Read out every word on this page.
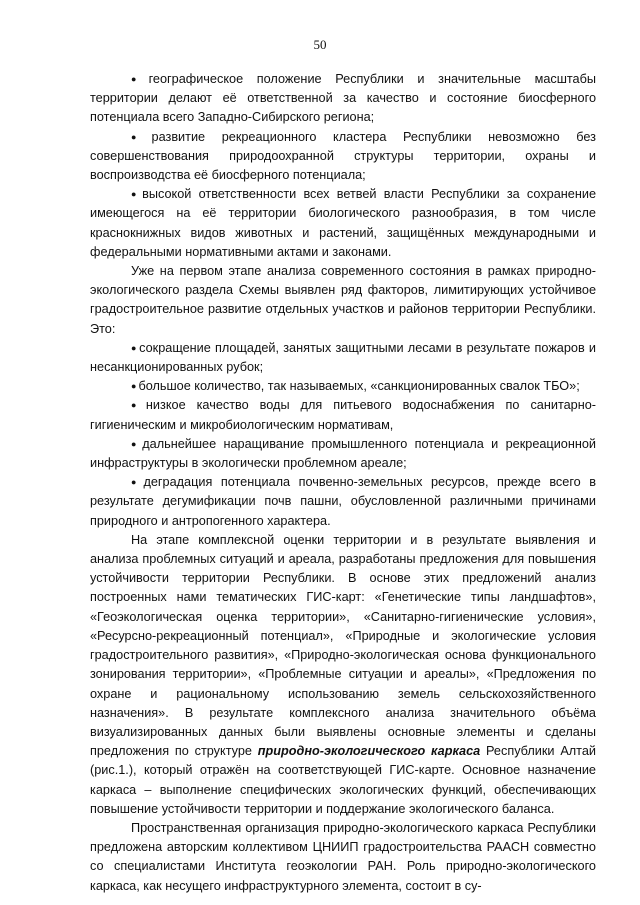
50

● географическое положение Республики и значительные масштабы территории делают её ответственной за качество и состояние биосферного потенциала всего Западно-Сибирского региона;

● развитие рекреационного кластера Республики невозможно без совершенствования природоохранной структуры территории, охраны и воспроизводства её биосферного потенциала;

● высокой ответственности всех ветвей власти Республики за сохранение имеющегося на её территории биологического разнообразия, в том числе краснокнижных видов животных и растений, защищённых международными и федеральными нормативными актами и законами.

Уже на первом этапе анализа современного состояния в рамках природно-экологического раздела Схемы выявлен ряд факторов, лимитирующих устойчивое градостроительное развитие отдельных участков и районов территории Республики. Это:

● сокращение площадей, занятых защитными лесами в результате пожаров и несанкционированных рубок;

● большое количество, так называемых, «санкционированных свалок ТБО»;

● низкое качество воды для питьевого водоснабжения по санитарно-гигиеническим и микробиологическим нормативам,

● дальнейшее наращивание промышленного потенциала и рекреационной инфраструктуры в экологически проблемном ареале;

● деградация потенциала почвенно-земельных ресурсов, прежде всего в результате дегумификации почв пашни, обусловленной различными причинами природного и антропогенного характера.

На этапе комплексной оценки территории и в результате выявления и анализа проблемных ситуаций и ареала, разработаны предложения для повышения устойчивости территории Республики. В основе этих предложений анализ построенных нами тематических ГИС-карт: «Генетические типы ландшафтов», «Геоэкологическая оценка территории», «Санитарно-гигиенические условия», «Ресурсно-рекреационный потенциал», «Природные и экологические условия градостроительного развития», «Природно-экологическая основа функционального зонирования территории», «Проблемные ситуации и ареалы», «Предложения по охране и рациональному использованию земель сельскохозяйственного назначения». В результате комплексного анализа значительного объёма визуализированных данных были выявлены основные элементы и сделаны предложения по структуре природно-экологического каркаса Республики Алтай (рис.1.), который отражён на соответствующей ГИС-карте. Основное назначение каркаса – выполнение специфических экологических функций, обеспечивающих повышение устойчивости территории и поддержание экологического баланса.

Пространственная организация природно-экологического каркаса Республики предложена авторским коллективом ЦНИИП градостроительства РААСН совместно со специалистами Института геоэкологии РАН. Роль природно-экологического каркаса, как несущего инфраструктурного элемента, состоит в су-
